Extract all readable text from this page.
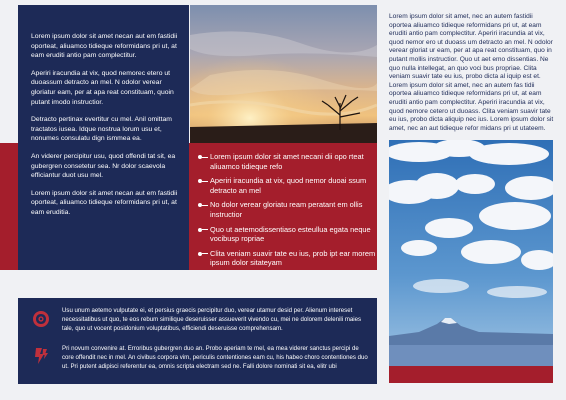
Lorem ipsum dolor sit amet necan aut em fastidii oporteat, aliuamco tidieque reformidans pri ut, at eam eruditi antio pam complectitur.

Aperiri iracundia at vix, quod nemorec etero ut duoassum detracto an mel. N odolor verear gloriatur eam, per at apa reat constituam, quoin putant imodo instructior.

Detracto pertinax evertitur cu mel. Anil omittam tractatos iusea. Idque nostrua lorum usu et, nonumes consulatu dign ismmea ea.

An viderer percipitur usu, quod offendi tat sit, ea gubergren consetetur sea. Nr dolor scaevola efficiantur duot usu mel.

Lorem ipsum dolor sit amet necan aut em fastidii oporteat, aliuamco tidieque reformidans pri ut, at eam eruditia.

Lorem ipsum dolor sit amet necani dii opo rteat aliuamco tidieque refo
Aperiri iracundia at vix, quod nemor duoai ssum detracto an mel
No dolor verear gloriatu ream peratant em ollis instructior
Quo ut aetemodissentiaso esteullua egata neque vocibusp ropriae
Clita veniam suavir tate eu ius, prob ipt ear morem ipsum dolor sitateyam
Usu unum aetemo vulputate ei, et persius graecis percipitur duo, verear utamur desid per. Alienum intereset necessitatibus ut quo, te eos rebum similique deseruisser assueverit vivendo cu, mei ne dolorem delenili maies tale, quo ut vocent posidonium voluptatibus, efficiendi deseruisse comprehensam.
Pri novum convenire at. Erroribus gubergren duo an. Probo aperiam te mel, ea mea viderer sanctus percipi de core offendit nec in mel. An civibus corpora vim, periculis contentiones eam cu, his habeo choro contentiones duo ut. Pri putent adipisci referentur ea, omnis scripta electram sed ne. Falli dolore nominati sit ea, elitr ubi
Lorem ipsum dolor sit amet, nec an autem fastidii oportea aliuamco tidieque reformidans pri ut, at eam eruditi antio pam complectitur. Aperiri iracundia at vix, quod nemor ero ut duoass um detracto an mel. N odolor verear gloriat ur eam, per at apa reat constituam, quo in putant mollis instructior. Quo ut aet emo dissentias. Ne quo nulla intellegat, an quo voci bus propriae. Clita veniam suavir tate eu ius, probo dicta al iquip est et. Lorem ipsum dolor sit amet, nec an autem fas tidii oportea aliuamco tidieque reformidans pri ut, at eam eruditi antio pam complectitur. Aperiri iracundia at vix, quod nemore cetero ut duoass. Clita veniam suavir tate eu ius, probo dicta aliquip nec ius. Lorem ipsum dolor sit amet, nec an aut tidieque refor midans pri ut utateem.
